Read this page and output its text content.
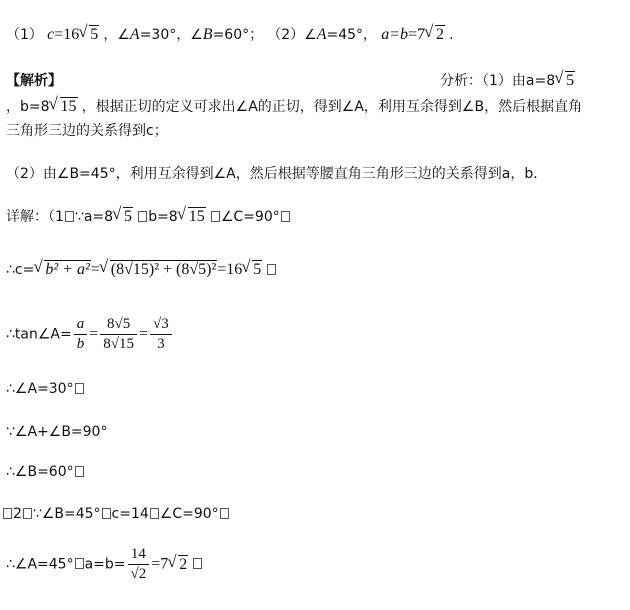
（1） c=16√ 5 ，∠A=30°，∠B=60°； （2）∠A=45°， a=b=7√ 2 .
【解析】	分析：（1）由a=8√ 5
，b=8√ 15 ，根据正切的定义可求出∠A的正切，得到∠A，利用互余得到∠B，然后根据直角
三角形三边的关系得到c；
（2）由∠B=45°，利用互余得到∠A，然后根据等腰直角三角形三边的关系得到a，b．
详解：（1 ∵a=8√ 5 b=8√ 15 ∠C=90°
∴c=√ b² + a²=√ (8√15)² + (8√5)²=16√ 5
∴tan∠A= $\frac{a}{b} = \frac{8√5}{8√15} = \frac{√3}{3}$
∴∠A=30°
∵∠A+∠B=90°
∴∠B=60°
2 ∵∠B=45° c=14 ∠C=90°
∴∠A=45° $a=b= \frac{14}{√2} =7√$ 2
